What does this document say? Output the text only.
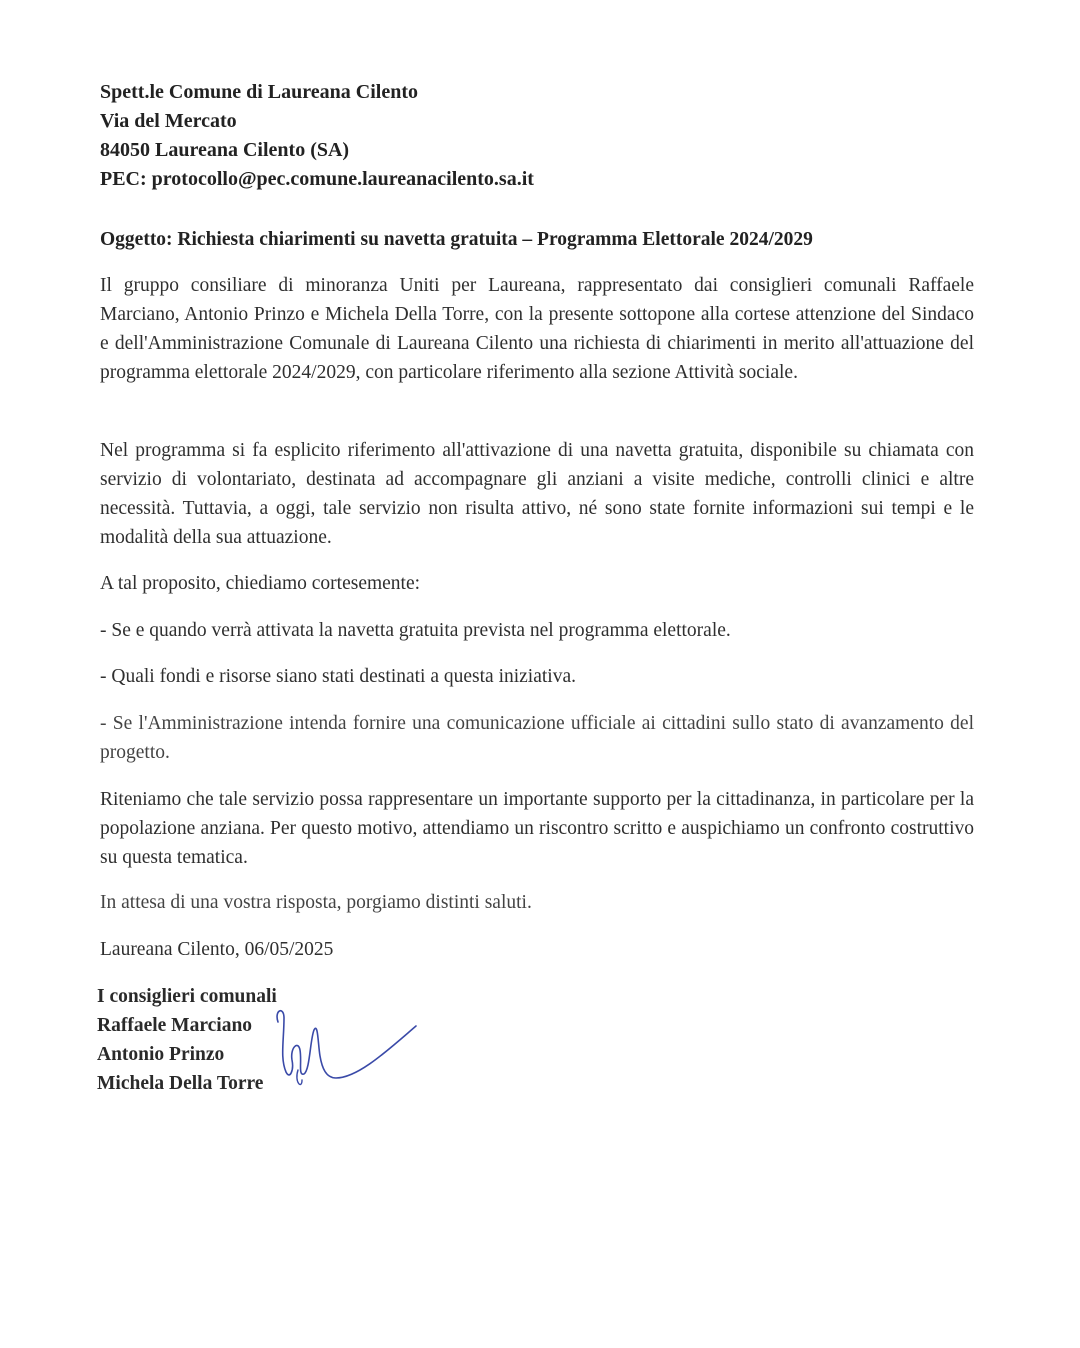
Spett.le Comune di Laureana Cilento
Via del Mercato
84050 Laureana Cilento (SA)
PEC: protocollo@pec.comune.laureanacilento.sa.it
Oggetto: Richiesta chiarimenti su navetta gratuita – Programma Elettorale 2024/2029
Il gruppo consiliare di minoranza Uniti per Laureana, rappresentato dai consiglieri comunali Raffaele Marciano, Antonio Prinzo e Michela Della Torre, con la presente sottopone alla cortese attenzione del Sindaco e dell'Amministrazione Comunale di Laureana Cilento una richiesta di chiarimenti in merito all'attuazione del programma elettorale 2024/2029, con particolare riferimento alla sezione Attività sociale.
Nel programma si fa esplicito riferimento all'attivazione di una navetta gratuita, disponibile su chiamata con servizio di volontariato, destinata ad accompagnare gli anziani a visite mediche, controlli clinici e altre necessità. Tuttavia, a oggi, tale servizio non risulta attivo, né sono state fornite informazioni sui tempi e le modalità della sua attuazione.
A tal proposito, chiediamo cortesemente:
- Se e quando verrà attivata la navetta gratuita prevista nel programma elettorale.
- Quali fondi e risorse siano stati destinati a questa iniziativa.
- Se l'Amministrazione intenda fornire una comunicazione ufficiale ai cittadini sullo stato di avanzamento del progetto.
Riteniamo che tale servizio possa rappresentare un importante supporto per la cittadinanza, in particolare per la popolazione anziana. Per questo motivo, attendiamo un riscontro scritto e auspichiamo un confronto costruttivo su questa tematica.
In attesa di una vostra risposta, porgiamo distinti saluti.
Laureana Cilento, 06/05/2025
I consiglieri comunali
Raffaele Marciano
Antonio Prinzo
Michela Della Torre
